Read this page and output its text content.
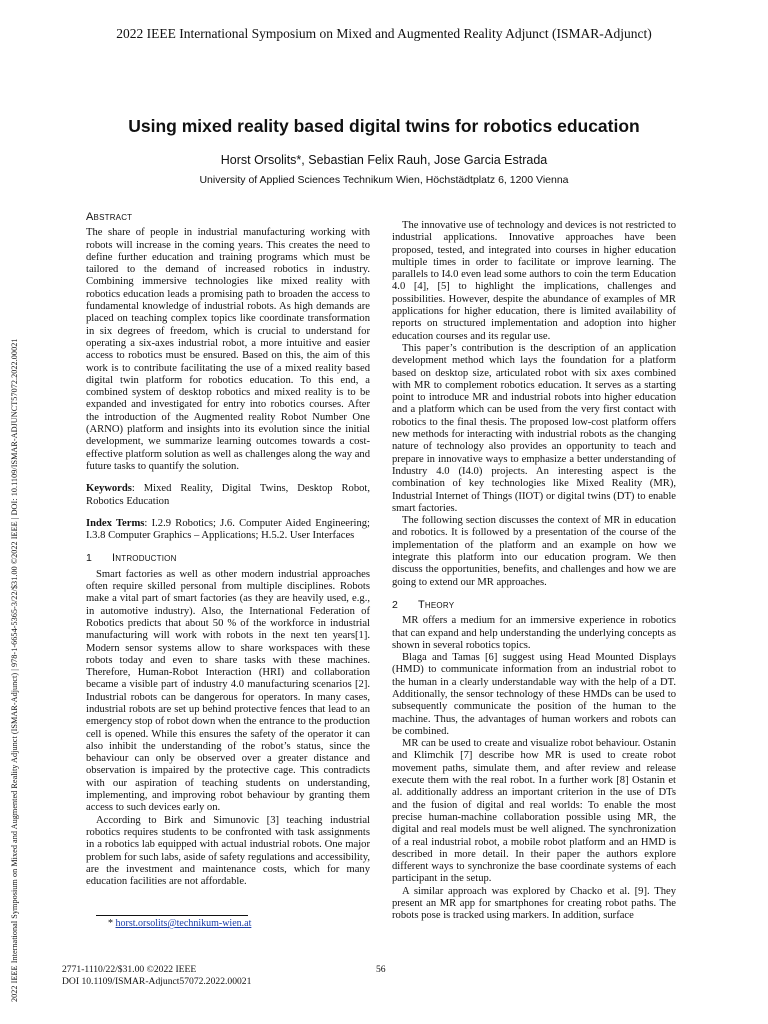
2022 IEEE International Symposium on Mixed and Augmented Reality Adjunct (ISMAR-Adjunct)
2022 IEEE International Symposium on Mixed and Augmented Reality Adjunct (ISMAR-Adjunct) | 978-1-6654-5365-3/22/$31.00 ©2022 IEEE | DOI: 10.1109/ISMAR-ADJUNCT57072.2022.00021
Using mixed reality based digital twins for robotics education
Horst Orsolits*, Sebastian Felix Rauh, Jose Garcia Estrada
University of Applied Sciences Technikum Wien, Höchstädtplatz 6, 1200 Vienna
Abstract

The share of people in industrial manufacturing working with robots will increase in the coming years. This creates the need to define further education and training programs which must be tailored to the demand of increased robotics in industry. Combining immersive technologies like mixed reality with robotics education leads a promising path to broaden the access to fundamental knowledge of industrial robots. As high demands are placed on teaching complex topics like coordinate transformation in six degrees of freedom, which is crucial to understand for operating a six-axes industrial robot, a more intuitive and easier access to robotics must be ensured. Based on this, the aim of this work is to contribute facilitating the use of a mixed reality based digital twin platform for robotics education. To this end, a combined system of desktop robotics and mixed reality is to be expanded and investigated for entry into robotics courses. After the introduction of the Augmented reality Robot Number One (ARNO) platform and insights into its evolution since the initial development, we summarize learning outcomes towards a cost-effective platform solution as well as challenges along the way and future tasks to quantify the solution.

Keywords: Mixed Reality, Digital Twins, Desktop Robot, Robotics Education

Index Terms: I.2.9 Robotics; J.6. Computer Aided Engineering; I.3.8 Computer Graphics – Applications; H.5.2. User Interfaces

1 Introduction

Smart factories as well as other modern industrial approaches often require skilled personal from multiple disciplines. Robots make a vital part of smart factories (as they are heavily used, e.g., in automotive industry). Also, the International Federation of Robotics predicts that about 50 % of the workforce in industrial manufacturing will work with robots in the next ten years[1]. Modern sensor systems allow to share workspaces with these robots today and even to share tasks with these machines. Therefore, Human-Robot Interaction (HRI) and collaboration became a visible part of industry 4.0 manufacturing scenarios [2]. Industrial robots can be dangerous for operators. In many cases, industrial robots are set up behind protective fences that lead to an emergency stop of robot down when the entrance to the production cell is opened. While this ensures the safety of the operator it can also inhibit the understanding of the robot’s status, since the behaviour can only be observed over a greater distance and observation is impaired by the protective cage. This contradicts with our aspiration of teaching students on understanding, implementing, and improving robot behaviour by granting them access to such devices early on.

According to Birk and Simunovic [3] teaching industrial robotics requires students to be confronted with task assignments in a robotics lab equipped with actual industrial robots. One major problem for such labs, aside of safety regulations and accessibility, are the investment and maintenance costs, which for many education facilities are not affordable.

The innovative use of technology and devices is not restricted to industrial applications. Innovative approaches have been proposed, tested, and integrated into courses in higher education multiple times in order to facilitate or improve learning. The parallels to I4.0 even lead some authors to coin the term Education 4.0 [4], [5] to highlight the implications, challenges and possibilities. However, despite the abundance of examples of MR applications for higher education, there is limited availability of reports on structured implementation and adoption into higher education courses and its regular use.

This paper’s contribution is the description of an application development method which lays the foundation for a platform based on desktop size, articulated robot with six axes combined with MR to complement robotics education. It serves as a starting point to introduce MR and industrial robots into higher education and a platform which can be used from the very first contact with robotics to the final thesis. The proposed low-cost platform offers new methods for interacting with industrial robots as the changing nature of technology also provides an opportunity to teach and prepare in innovative ways to emphasize a better understanding of Industry 4.0 (I4.0) projects. An interesting aspect is the combination of key technologies like Mixed Reality (MR), Industrial Internet of Things (IIOT) or digital twins (DT) to enable smart factories.

The following section discusses the context of MR in education and robotics. It is followed by a presentation of the course of the implementation of the platform and an example on how we integrate this platform into our education program. We then discuss the opportunities, benefits, and challenges and how we are going to extend our MR approaches.

2 Theory

MR offers a medium for an immersive experience in robotics that can expand and help understanding the underlying concepts as shown in several robotics topics.

Blaga and Tamas [6] suggest using Head Mounted Displays (HMD) to communicate information from an industrial robot to the human in a clearly understandable way with the help of a DT. Additionally, the sensor technology of these HMDs can be used to subsequently communicate the position of the human to the machine. Thus, the advantages of human workers and robots can be combined.

MR can be used to create and visualize robot behaviour. Ostanin and Klimchik [7] describe how MR is used to create robot movement paths, simulate them, and after review and release execute them with the real robot. In a further work [8] Ostanin et al. additionally address an important criterion in the use of DTs and the fusion of digital and real worlds: To enable the most precise human-machine collaboration possible using MR, the digital and real models must be well aligned. The synchronization of a real industrial robot, a mobile robot platform and an HMD is described in more detail. In their paper the authors explore different ways to synchronize the base coordinate systems of each participant in the setup.

A similar approach was explored by Chacko et al. [9]. They present an MR app for smartphones for creating robot paths. The robots pose is tracked using markers. In addition, surface

* horst.orsolits@technikum-wien.at
2771-1110/22/$31.00 ©2022 IEEE
DOI 10.1109/ISMAR-Adjunct57072.2022.00021
56
